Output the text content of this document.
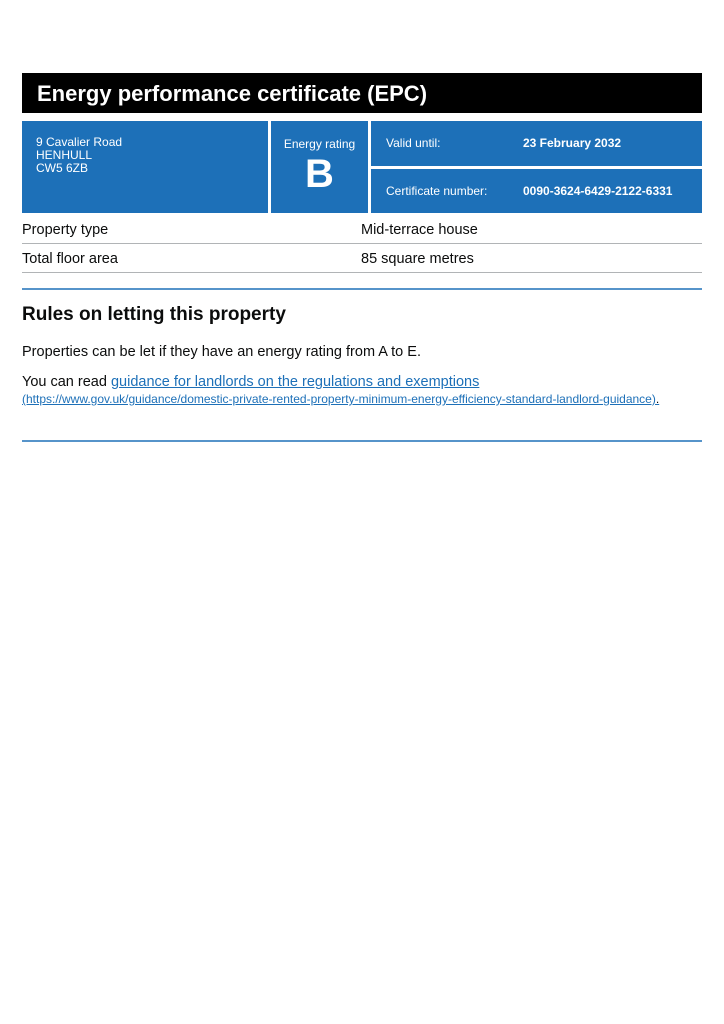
Energy performance certificate (EPC)
9 Cavalier Road
HENHULL
CW5 6ZB
Energy rating
B
Valid until:	23 February 2032
Certificate number:	0090-3624-6429-2122-6331
Property type	Mid-terrace house
Total floor area	85 square metres
Rules on letting this property
Properties can be let if they have an energy rating from A to E.
You can read guidance for landlords on the regulations and exemptions
(https://www.gov.uk/guidance/domestic-private-rented-property-minimum-energy-efficiency-standard-landlord-guidance).
